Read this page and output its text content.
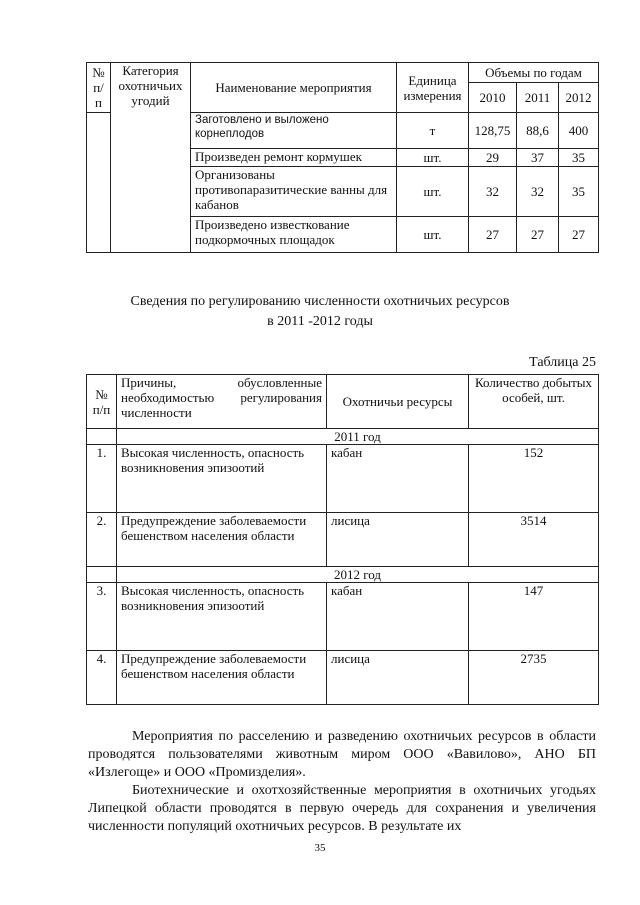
№ п/п	Категория охотничьих угодий	Наименование мероприятия	Единица измерения	Объемы по годам		
				2010	2011	2012
		Заготовлено и выложено корнеплодов	т	128,75	88,6	400
		Произведен ремонт кормушек	шт.	29	37	35
		Организованы противопаразитические ванны для кабанов	шт.	32	32	35
		Произведено известкование подкормочных площадок	шт.	27	27	27
Сведения по регулированию численности охотничьих ресурсов
в 2011 -2012 годы
Таблица 25
№ п/п	Причины, обусловленные необходимостью регулирования численности	Охотничьи ресурсы	Количество добытых особей, шт.
	2011 год		
1.	Высокая численность, опасность возникновения эпизоотий	кабан	152
2.	Предупреждение заболеваемости бешенством населения области	лисица	3514
	2012 год		
3.	Высокая численность, опасность возникновения эпизоотий	кабан	147
4.	Предупреждение заболеваемости бешенством населения области	лисица	2735

Мероприятия по расселению и разведению охотничьих ресурсов в области проводятся пользователями животным миром ООО «Вавилово», АНО БП «Излегоще» и ООО «Промизделия».

Биотехнические и охотхозяйственные мероприятия в охотничьих угодьях Липецкой области проводятся в первую очередь для сохранения и увеличения численности популяций охотничьих ресурсов. В результате их

35
